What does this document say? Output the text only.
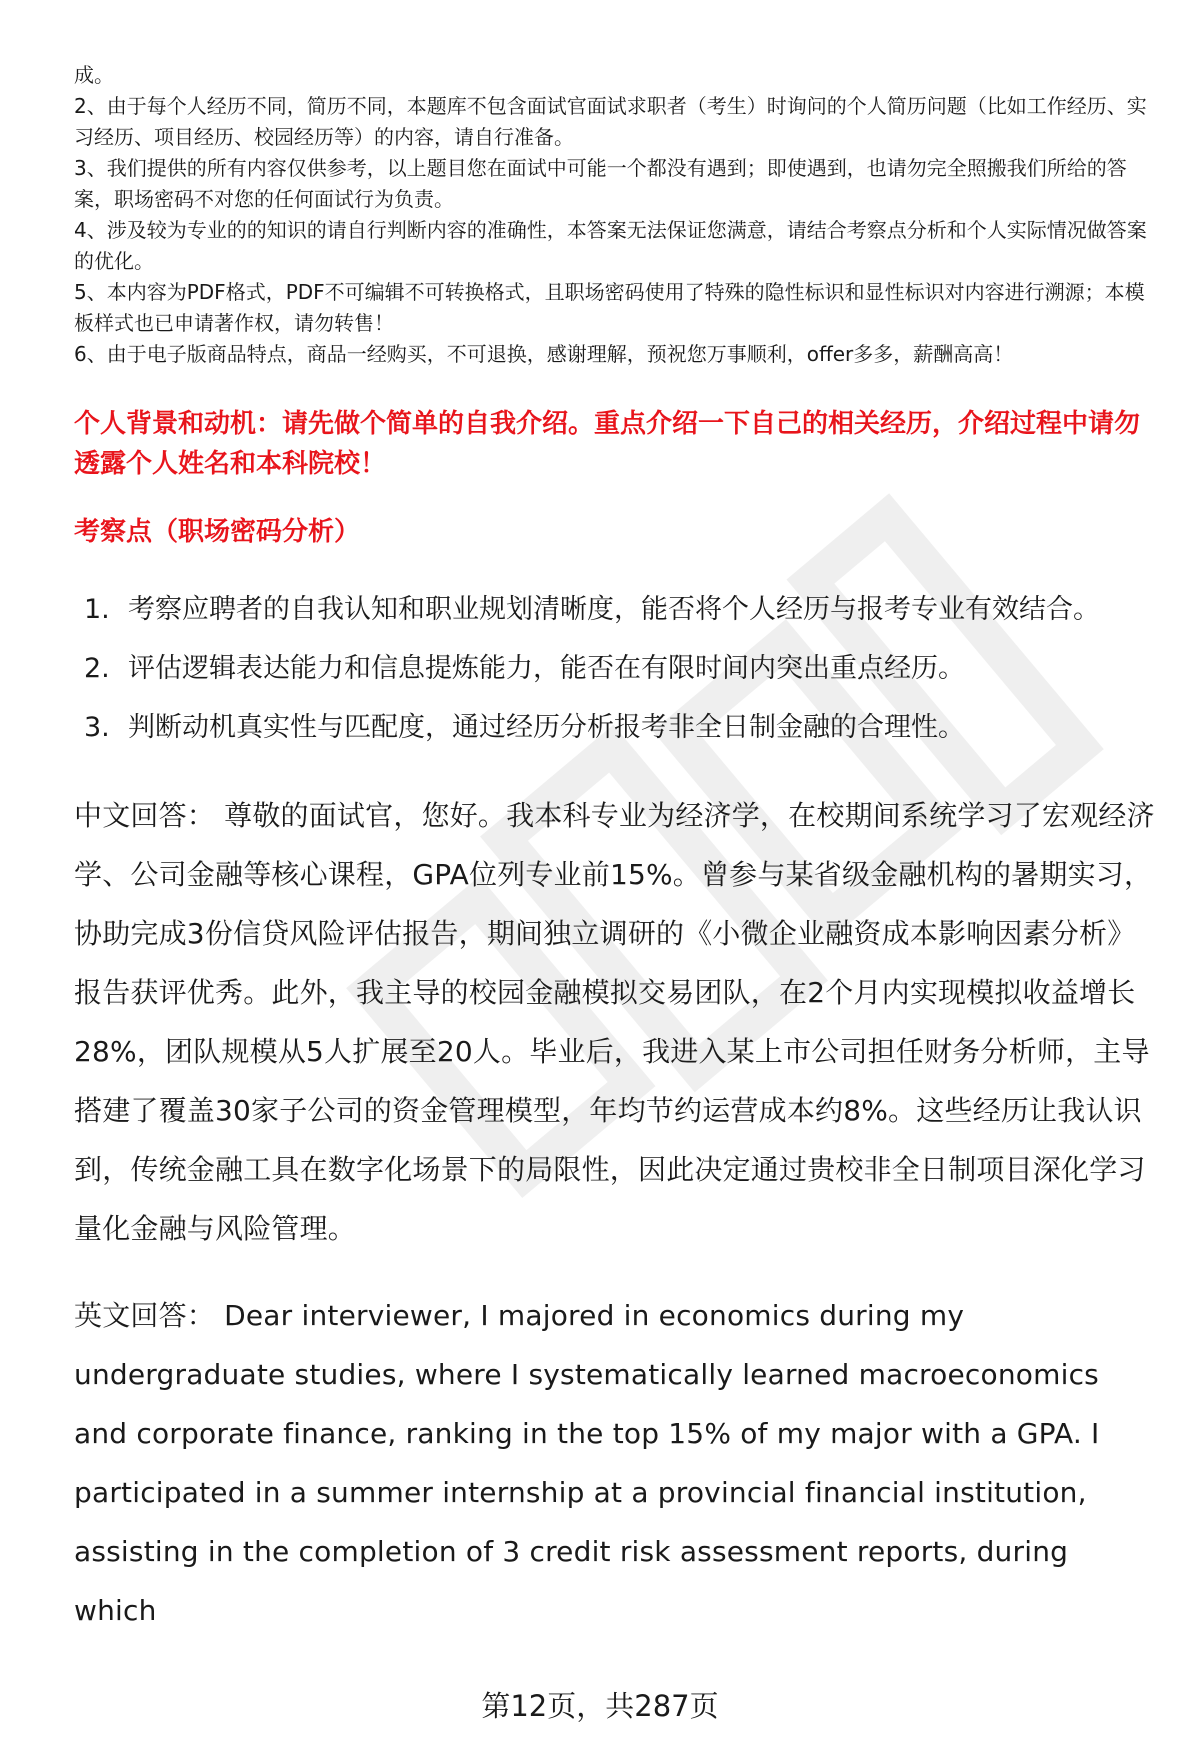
成。

2、由于每个人经历不同，简历不同，本题库不包含面试官面试求职者（考生）时询问的个人简历问题（比如工作经历、实习经历、项目经历、校园经历等）的内容，请自行准备。

3、我们提供的所有内容仅供参考，以上题目您在面试中可能一个都没有遇到；即使遇到，也请勿完全照搬我们所给的答案，职场密码不对您的任何面试行为负责。

4、涉及较为专业的的知识的请自行判断内容的准确性，本答案无法保证您满意，请结合考察点分析和个人实际情况做答案的优化。

5、本内容为PDF格式，PDF不可编辑不可转换格式，且职场密码使用了特殊的隐性标识和显性标识对内容进行溯源；本模板样式也已申请著作权，请勿转售！

6、由于电子版商品特点，商品一经购买，不可退换，感谢理解，预祝您万事顺利，offer多多，薪酬高高！

个人背景和动机：请先做个简单的自我介绍。重点介绍一下自己的相关经历，介绍过程中请勿透露个人姓名和本科院校！
考察点（职场密码分析）
1. 考察应聘者的自我认知和职业规划清晰度，能否将个人经历与报考专业有效结合。
2. 评估逻辑表达能力和信息提炼能力，能否在有限时间内突出重点经历。
3. 判断动机真实性与匹配度，通过经历分析报考非全日制金融的合理性。
中文回答： 尊敬的面试官，您好。我本科专业为经济学，在校期间系统学习了宏观经济学、公司金融等核心课程，GPA位列专业前15%。曾参与某省级金融机构的暑期实习，协助完成3份信贷风险评估报告，期间独立调研的《小微企业融资成本影响因素分析》报告获评优秀。此外，我主导的校园金融模拟交易团队，在2个月内实现模拟收益增长28%，团队规模从5人扩展至20人。毕业后，我进入某上市公司担任财务分析师，主导搭建了覆盖30家子公司的资金管理模型，年均节约运营成本约8%。这些经历让我认识到，传统金融工具在数字化场景下的局限性，因此决定通过贵校非全日制项目深化学习量化金融与风险管理。
英文回答： Dear interviewer, I majored in economics during my undergraduate studies, where I systematically learned macroeconomics and corporate finance, ranking in the top 15% of my major with a GPA. I participated in a summer internship at a provincial financial institution, assisting in the completion of 3 credit risk assessment reports, during which
第12页，共287页
